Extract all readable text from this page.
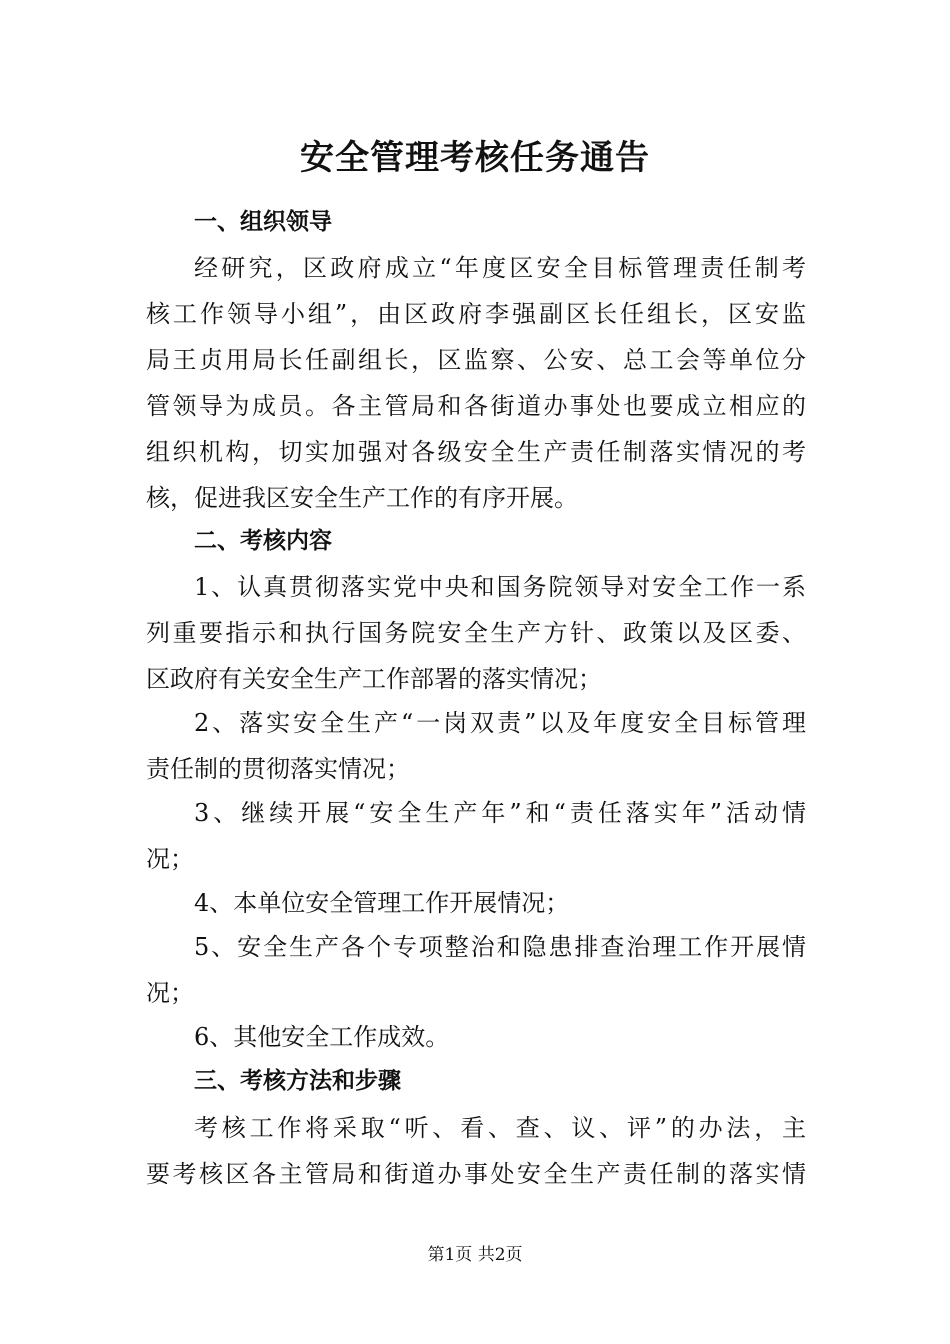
安全管理考核任务通告
一、组织领导
经研究，区政府成立“年度区安全目标管理责任制考
核工作领导小组”，由区政府李强副区长任组长，区安监
局王贞用局长任副组长，区监察、公安、总工会等单位分
管领导为成员。各主管局和各街道办事处也要成立相应的
组织机构，切实加强对各级安全生产责任制落实情况的考
核，促进我区安全生产工作的有序开展。
二、考核内容
1、认真贯彻落实党中央和国务院领导对安全工作一系
列重要指示和执行国务院安全生产方针、政策以及区委、
区政府有关安全生产工作部署的落实情况；
2、落实安全生产“一岗双责”以及年度安全目标管理
责任制的贯彻落实情况；
3、继续开展“安全生产年”和“责任落实年”活动情
况；
4、本单位安全管理工作开展情况；
5、安全生产各个专项整治和隐患排查治理工作开展情
况；
6、其他安全工作成效。
三、考核方法和步骤
考核工作将采取“听、看、查、议、评”的办法，主
要考核区各主管局和街道办事处安全生产责任制的落实情
第1页 共2页
